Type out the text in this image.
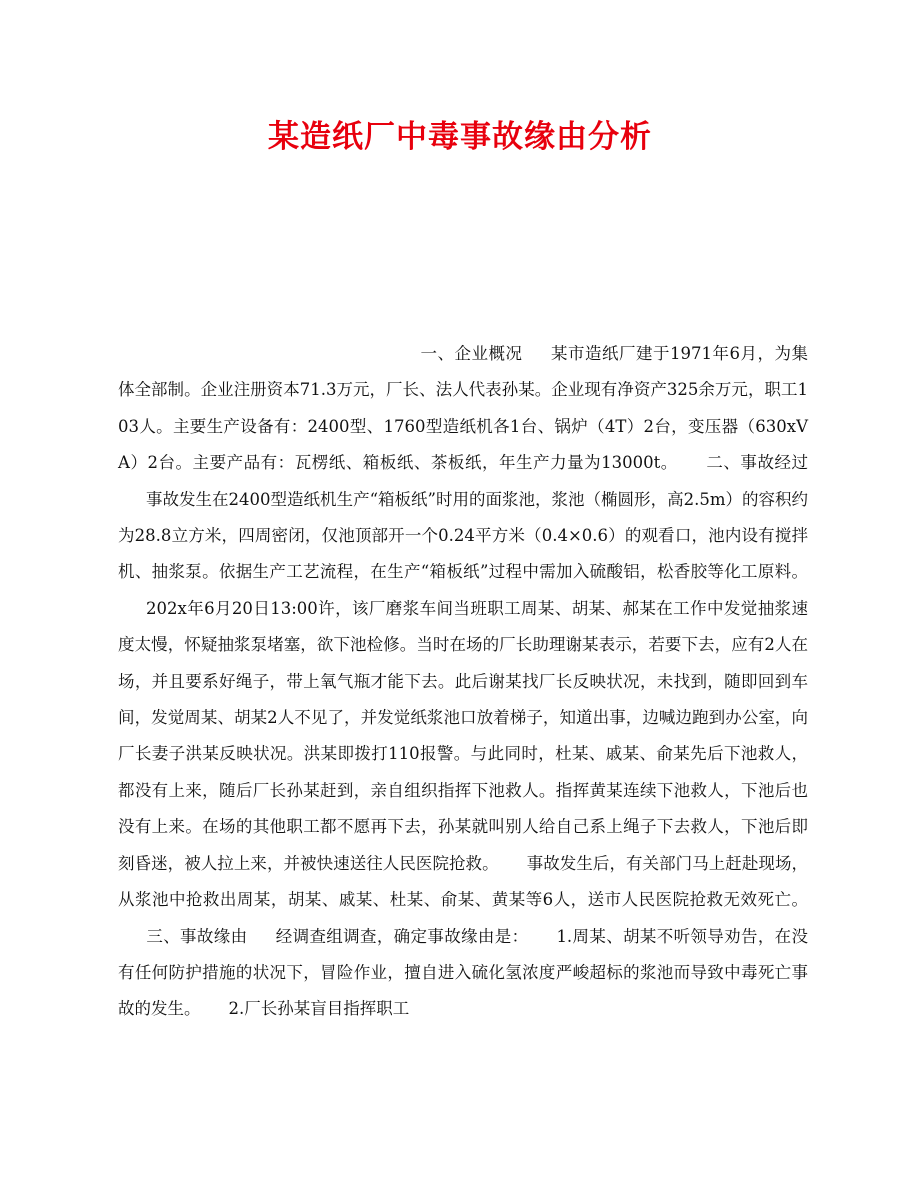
某造纸厂中毒事故缘由分析

一、企业概况 某市造纸厂建于1971年6月，为集体全部制。企业注册资本71.3万元，厂长、法人代表孙某。企业现有净资产325余万元，职工103人。主要生产设备有：2400型、1760型造纸机各1台、锅炉（4T）2台，变压器（630xVA）2台。主要产品有：瓦楞纸、箱板纸、茶板纸，年生产力量为13000t。 二、事故经过事故发生在2400型造纸机生产“箱板纸”时用的面浆池，浆池（椭圆形，高2.5m）的容积约为28.8立方米，四周密闭，仅池顶部开一个0.24平方米（0.4×0.6）的观看口，池内设有搅拌机、抽浆泵。依据生产工艺流程，在生产“箱板纸”过程中需加入硫酸铝，松香胶等化工原料。202x年6月20日13:00许，该厂磨浆车间当班职工周某、胡某、郝某在工作中发觉抽浆速度太慢，怀疑抽浆泵堵塞，欲下池检修。当时在场的厂长助理谢某表示，若要下去，应有2人在场，并且要系好绳子，带上氧气瓶才能下去。此后谢某找厂长反映状况，未找到，随即回到车间，发觉周某、胡某2人不见了，并发觉纸浆池口放着梯子，知道出事，边喊边跑到办公室，向厂长妻子洪某反映状况。洪某即拨打110报警。与此同时，杜某、戚某、俞某先后下池救人，都没有上来，随后厂长孙某赶到，亲自组织指挥下池救人。指挥黄某连续下池救人，下池后也没有上来。在场的其他职工都不愿再下去，孙某就叫别人给自己系上绳子下去救人，下池后即刻昏迷，被人拉上来，并被快速送往人民医院抢救。 事故发生后，有关部门马上赶赴现场，从浆池中抢救出周某，胡某、戚某、杜某、俞某、黄某等6人，送市人民医院抢救无效死亡。三、事故缘由 经调查组调查，确定事故缘由是： 1.周某、胡某不听领导劝告，在没有任何防护措施的状况下，冒险作业，擅自进入硫化氢浓度严峻超标的浆池而导致中毒死亡事故的发生。 2.厂长孙某盲目指挥职工
